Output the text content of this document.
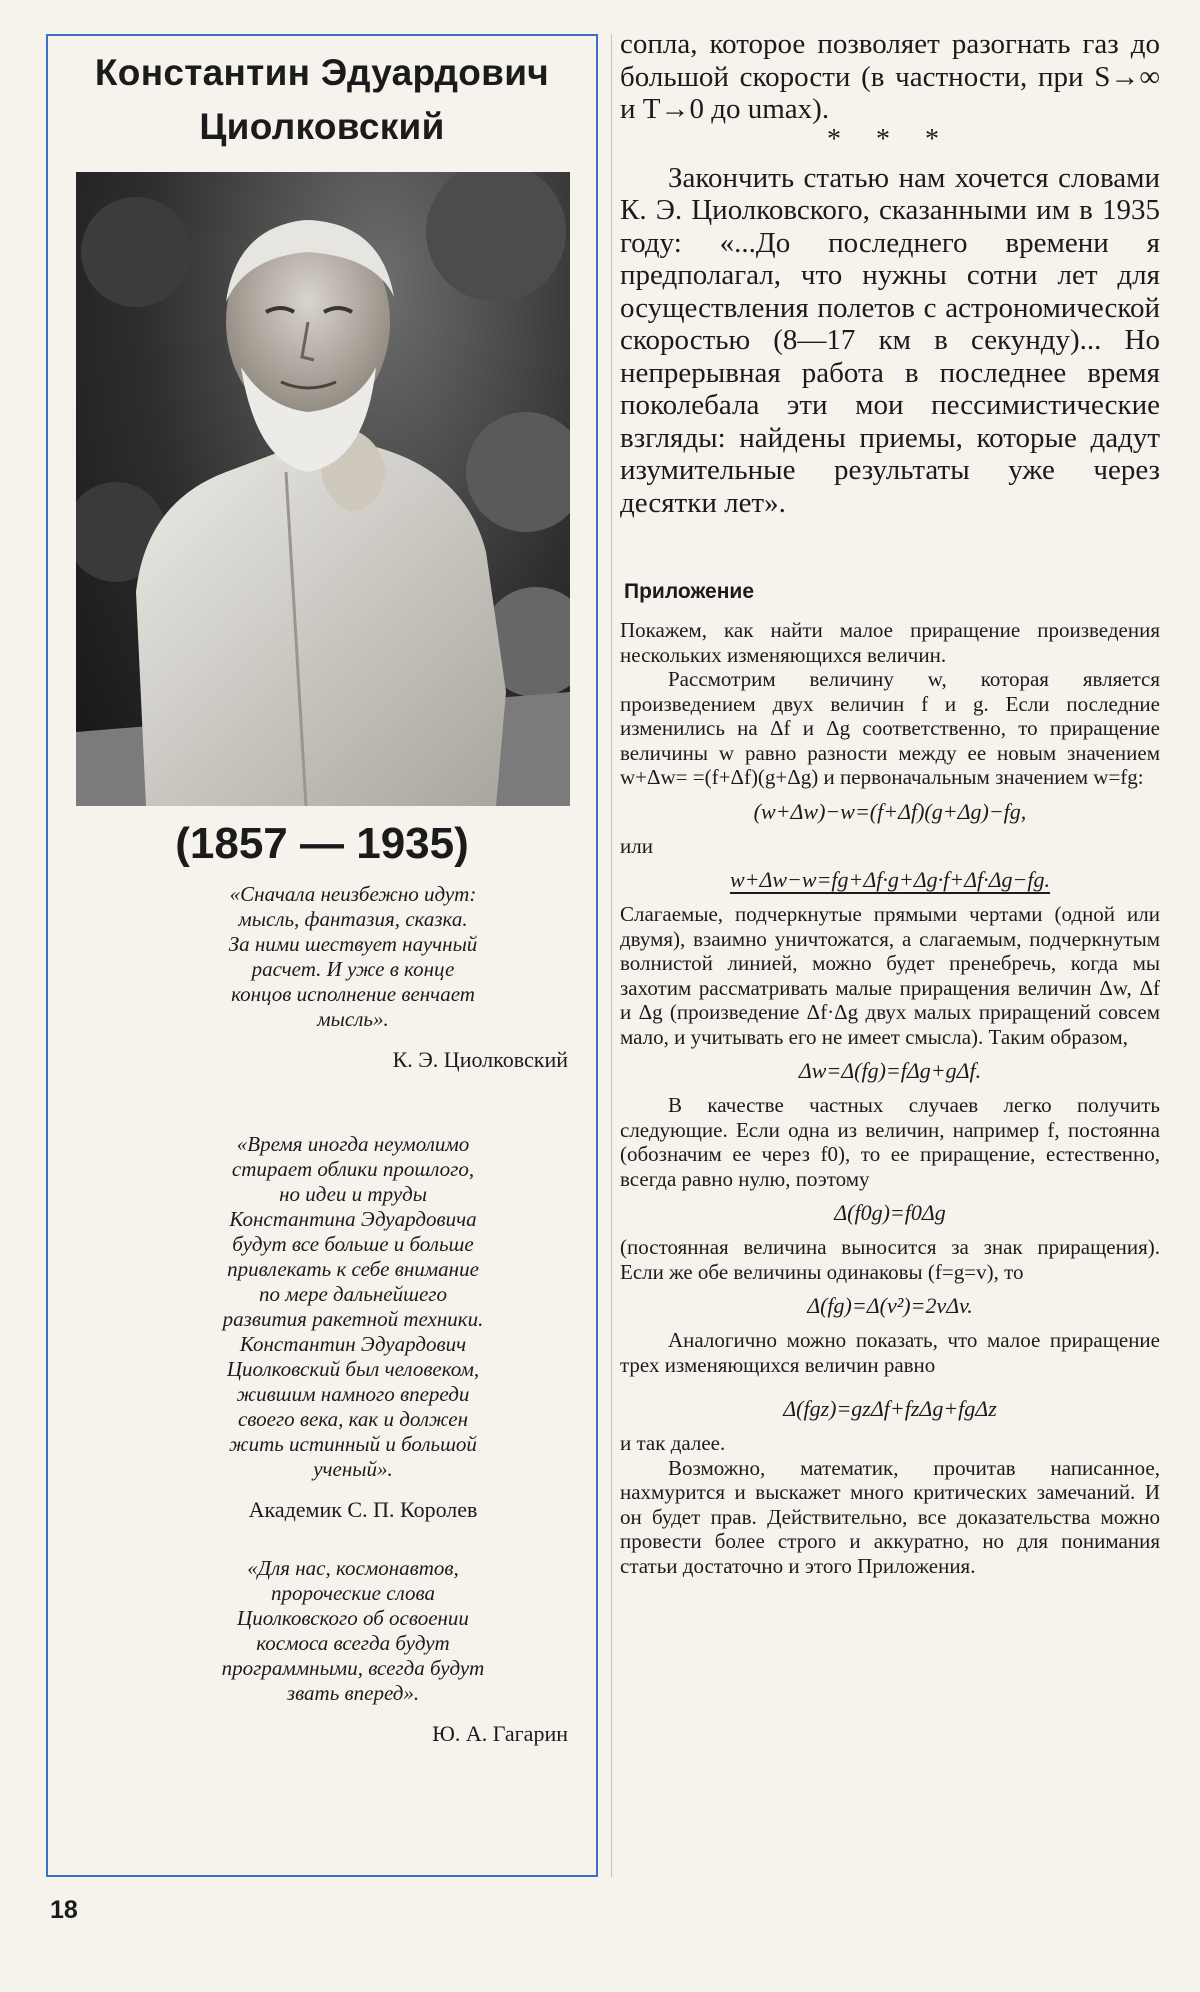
Константин Эдуардович
Циолковский
(1857 — 1935)

«Сначала неизбежно идут:
мысль, фантазия, сказка.
За ними шествует научный
расчет. И уже в конце
концов исполнение венчает
мысль».

К. Э. Циолковский

«Время иногда неумолимо
стирает облики прошлого,
но идеи и труды
Константина Эдуардовича
будут все больше и больше
привлекать к себе внимание
по мере дальнейшего
развития ракетной техники.
Константин Эдуардович
Циолковский был человеком,
жившим намного впереди
своего века, как и должен
жить истинный и большой
ученый».

Академик С. П. Королев

«Для нас, космонавтов,
пророческие слова
Циолковского об освоении
космоса всегда будут
программными, всегда будут
звать вперед».

Ю. А. Гагарин

сопла, которое позволяет разогнать газ до большой скорости (в частности, при S→∞ и T→0 до umax).

* * *

Закончить статью нам хочется словами К. Э. Циолковского, сказанными им в 1935 году: «...До последнего времени я предполагал, что нужны сотни лет для осуществления полетов с астрономической скоростью (8—17 км в секунду)... Но непрерывная работа в последнее время поколебала эти мои пессимистические взгляды: найдены приемы, которые дадут изумительные результаты уже через десятки лет».

Приложение

Покажем, как найти малое приращение произведения нескольких изменяющихся величин.

Рассмотрим величину w, которая является произведением двух величин f и g. Если последние изменились на Δf и Δg соответственно, то приращение величины w равно разности между ее новым значением w+Δw= =(f+Δf)(g+Δg) и первоначальным значением w=fg:

(w+Δw)−w=(f+Δf)(g+Δg)−fg,

или

w+Δw−w=fg+Δf·g+Δg·f+Δf·Δg−fg.

Слагаемые, подчеркнутые прямыми чертами (одной или двумя), взаимно уничтожатся, а слагаемым, подчеркнутым волнистой линией, можно будет пренебречь, когда мы захотим рассматривать малые приращения величин Δw, Δf и Δg (произведение Δf·Δg двух малых приращений совсем мало, и учитывать его не имеет смысла). Таким образом,

Δw=Δ(fg)=fΔg+gΔf.

В качестве частных случаев легко получить следующие. Если одна из величин, например f, постоянна (обозначим ее через f0), то ее приращение, естественно, всегда равно нулю, поэтому

Δ(f0g)=f0Δg

(постоянная величина выносится за знак приращения). Если же обе величины одинаковы (f=g=v), то

Δ(fg)=Δ(v²)=2vΔv.

Аналогично можно показать, что малое приращение трех изменяющихся величин равно

Δ(fgz)=gzΔf+fzΔg+fgΔz

и так далее.

Возможно, математик, прочитав написанное, нахмурится и выскажет много критических замечаний. И он будет прав. Действительно, все доказательства можно провести более строго и аккуратно, но для понимания статьи достаточно и этого Приложения.

18
